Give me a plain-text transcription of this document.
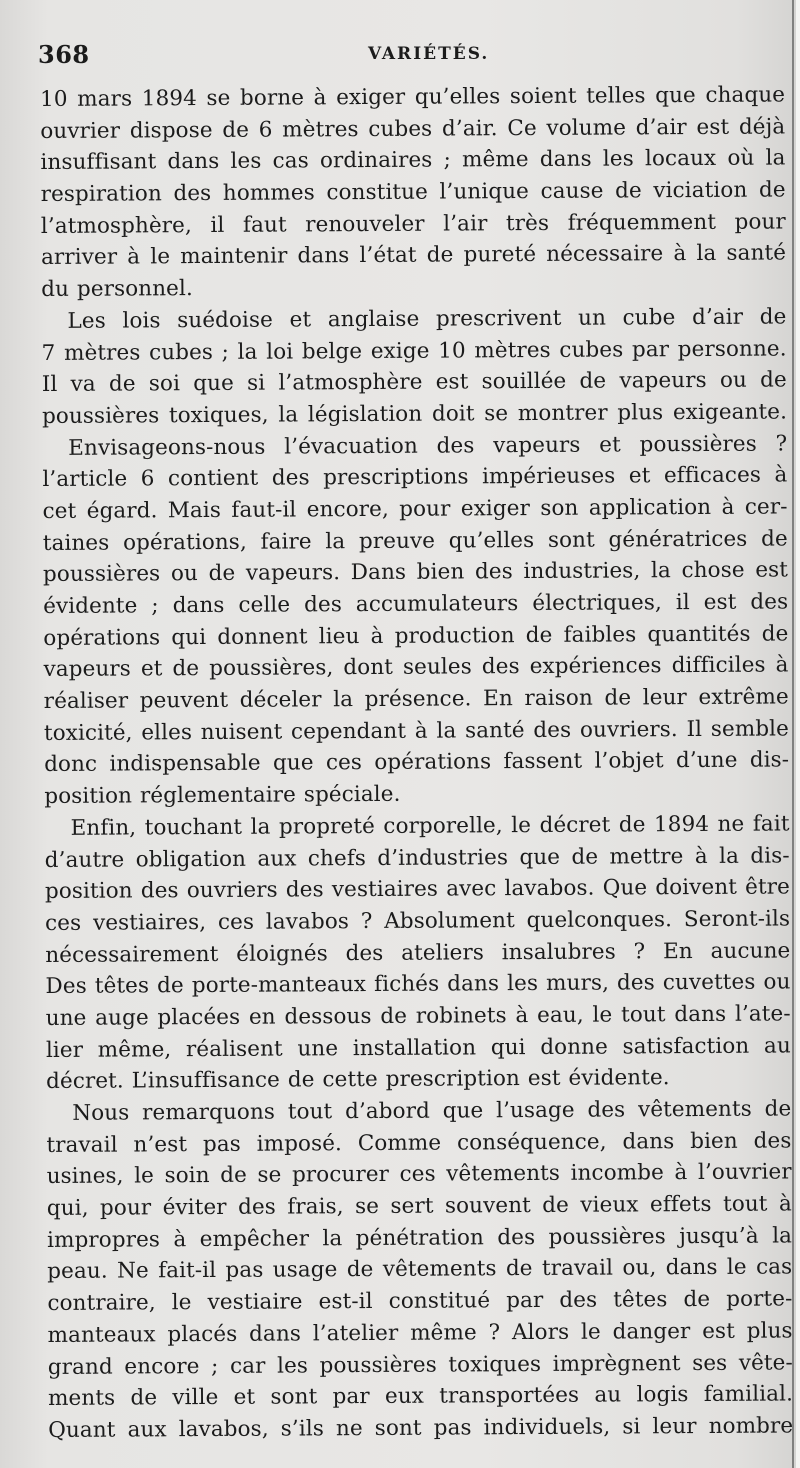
368	VARIÉTÉS.
10 mars 1894 se borne à exiger qu’elles soient telles que chaque
ouvrier dispose de 6 mètres cubes d’air. Ce volume d’air est déjà
insuffisant dans les cas ordinaires ; même dans les locaux où la
respiration des hommes constitue l’unique cause de viciation de
l’atmosphère, il faut renouveler l’air très fréquemment pour
arriver à le maintenir dans l’état de pureté nécessaire à la santé
du personnel.
Les lois suédoise et anglaise prescrivent un cube d’air de
7 mètres cubes ; la loi belge exige 10 mètres cubes par personne.
Il va de soi que si l’atmosphère est souillée de vapeurs ou de
poussières toxiques, la législation doit se montrer plus exigeante.
Envisageons-nous l’évacuation des vapeurs et poussières ?
l’article 6 contient des prescriptions impérieuses et efficaces à
cet égard. Mais faut-il encore, pour exiger son application à cer-
taines opérations, faire la preuve qu’elles sont génératrices de
poussières ou de vapeurs. Dans bien des industries, la chose est
évidente ; dans celle des accumulateurs électriques, il est des
opérations qui donnent lieu à production de faibles quantités de
vapeurs et de poussières, dont seules des expériences difficiles à
réaliser peuvent déceler la présence. En raison de leur extrême
toxicité, elles nuisent cependant à la santé des ouvriers. Il semble
donc indispensable que ces opérations fassent l’objet d’une dis-
position réglementaire spéciale.
Enfin, touchant la propreté corporelle, le décret de 1894 ne fait
d’autre obligation aux chefs d’industries que de mettre à la dis-
position des ouvriers des vestiaires avec lavabos. Que doivent être
ces vestiaires, ces lavabos ? Absolument quelconques. Seront-ils
nécessairement éloignés des ateliers insalubres ? En aucune
Des têtes de porte-manteaux fichés dans les murs, des cuvettes ou
une auge placées en dessous de robinets à eau, le tout dans l’ate-
lier même, réalisent une installation qui donne satisfaction au
décret. L’insuffisance de cette prescription est évidente.
Nous remarquons tout d’abord que l’usage des vêtements de
travail n’est pas imposé. Comme conséquence, dans bien des
usines, le soin de se procurer ces vêtements incombe à l’ouvrier
qui, pour éviter des frais, se sert souvent de vieux effets tout à
impropres à empêcher la pénétration des poussières jusqu’à la
peau. Ne fait-il pas usage de vêtements de travail ou, dans le cas
contraire, le vestiaire est-il constitué par des têtes de porte-
manteaux placés dans l’atelier même ? Alors le danger est plus
grand encore ; car les poussières toxiques imprègnent ses vête-
ments de ville et sont par eux transportées au logis familial.
Quant aux lavabos, s’ils ne sont pas individuels, si leur nombre
